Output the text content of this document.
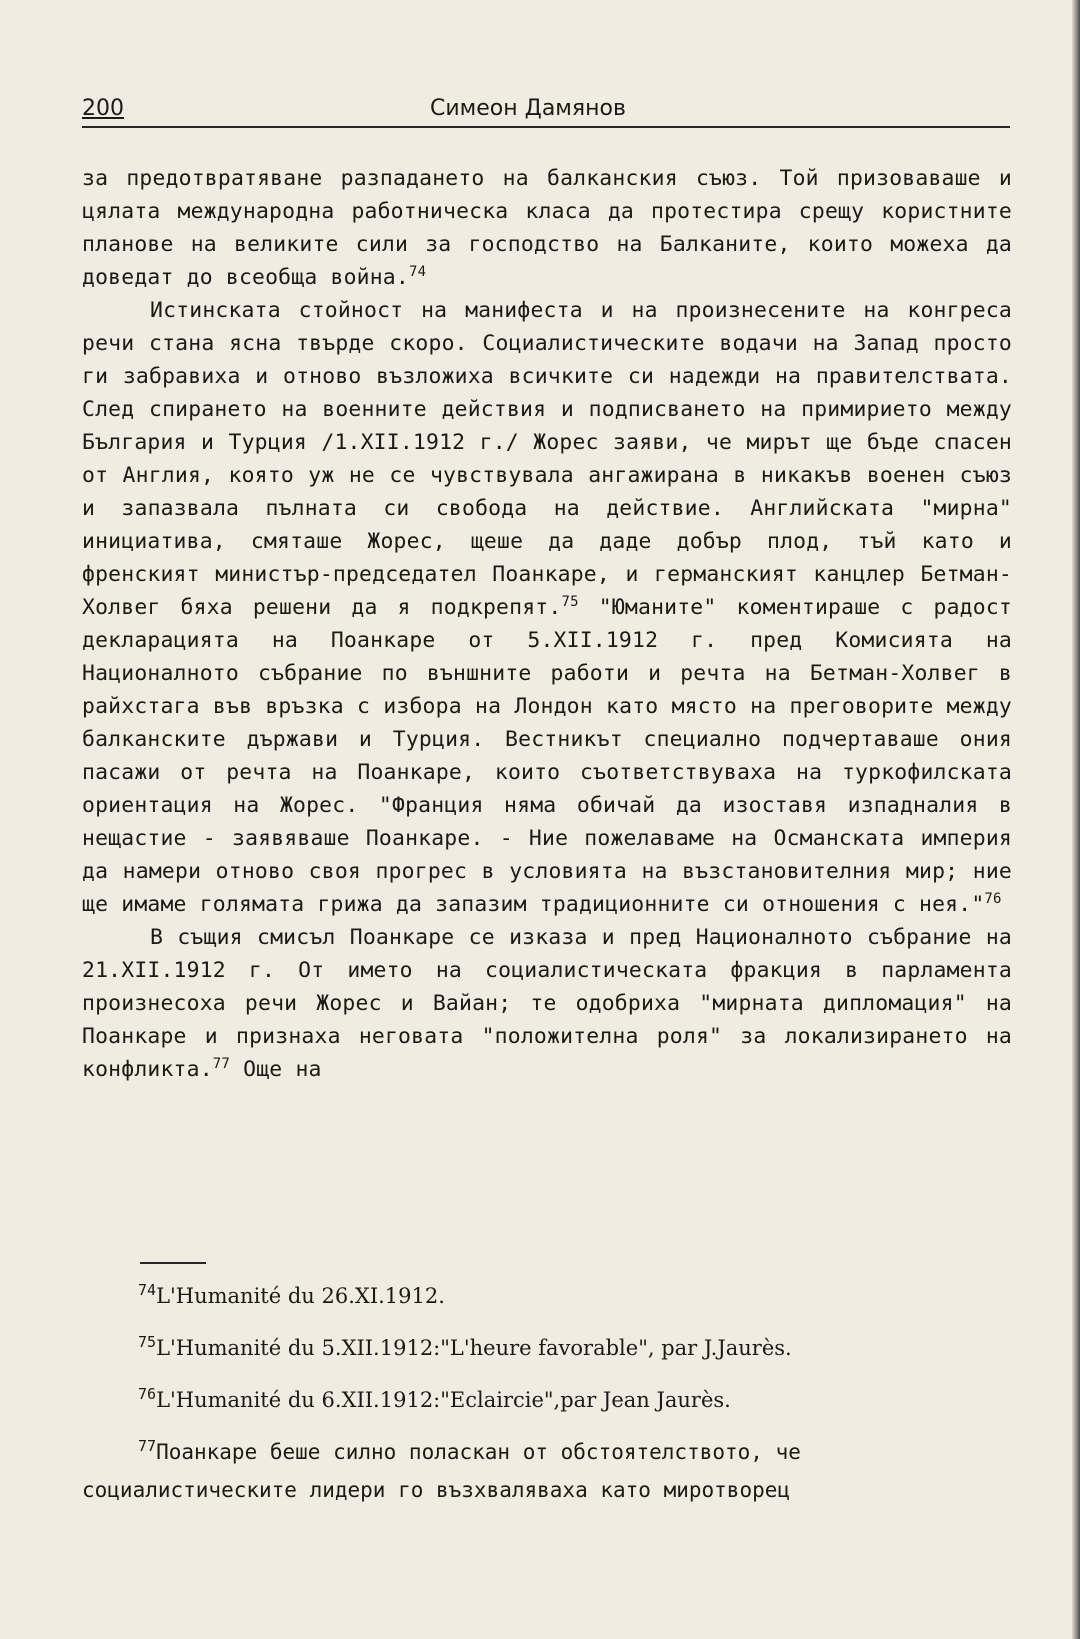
200	Симеон Дамянов

за предотвратяване разпадането на балканския съюз. Той призоваваше и цялата международна работническа класа да протестира срещу користните планове на великите сили за господство на Балканите, които можеха да доведат до всеобща война.$^{74}$

Истинската стойност на манифеста и на произнесените на конгреса речи стана ясна твърде скоро. Социалистическите водачи на Запад просто ги забравиха и отново възложиха всичките си надежди на правителствата. След спирането на военните действия и подписването на примирието между България и Турция /1.XII.1912 г./ Жорес заяви, че мирът ще бъде спасен от Англия, която уж не се чувствувала ангажирана в никакъв военен съюз и запазвала пълната си свобода на действие. Английската "мирна" инициатива, смяташе Жорес, щеше да даде добър плод, тъй като и френският министър-председател Поанкаре, и германският канцлер Бетман-Холвег бяха решени да я подкрепят.$^{75}$ "Юманите" коментираше с радост декларацията на Поанкаре от 5.XII.1912 г. пред Комисията на Националното събрание по външните работи и речта на Бетман-Холвег в райхстага във връзка с избора на Лондон като място на преговорите между балканските държави и Турция. Вестникът специално подчертаваше ония пасажи от речта на Поанкаре, които съответствуваха на туркофилската ориентация на Жорес. "Франция няма обичай да изоставя изпадналия в нещастие - заявяваше Поанкаре. - Ние пожелаваме на Османската империя да намери отново своя прогрес в условията на възстановителния мир; ние ще имаме голямата грижа да запазим традиционните си отношения с нея."$^{76}$

В същия смисъл Поанкаре се изказа и пред Националното събрание на 21.XII.1912 г. От името на социалистическата фракция в парламента произнесоха речи Жорес и Вайан; те одобриха "мирната дипломация" на Поанкаре и признаха неговата "положителна роля" за локализирането на конфликта.$^{77}$ Още на

$^{74}$L'Humanité du 26.XI.1912.

$^{75}$L'Humanité du 5.XII.1912:"L'heure favorable", par J.Jaurès.

$^{76}$L'Humanité du 6.XII.1912:"Eclaircie",par Jean Jaurès.

$^{77}$Поанкаре беше силно поласкан от обстоятелството, че социалистическите лидери го възхваляваха като миротворец
